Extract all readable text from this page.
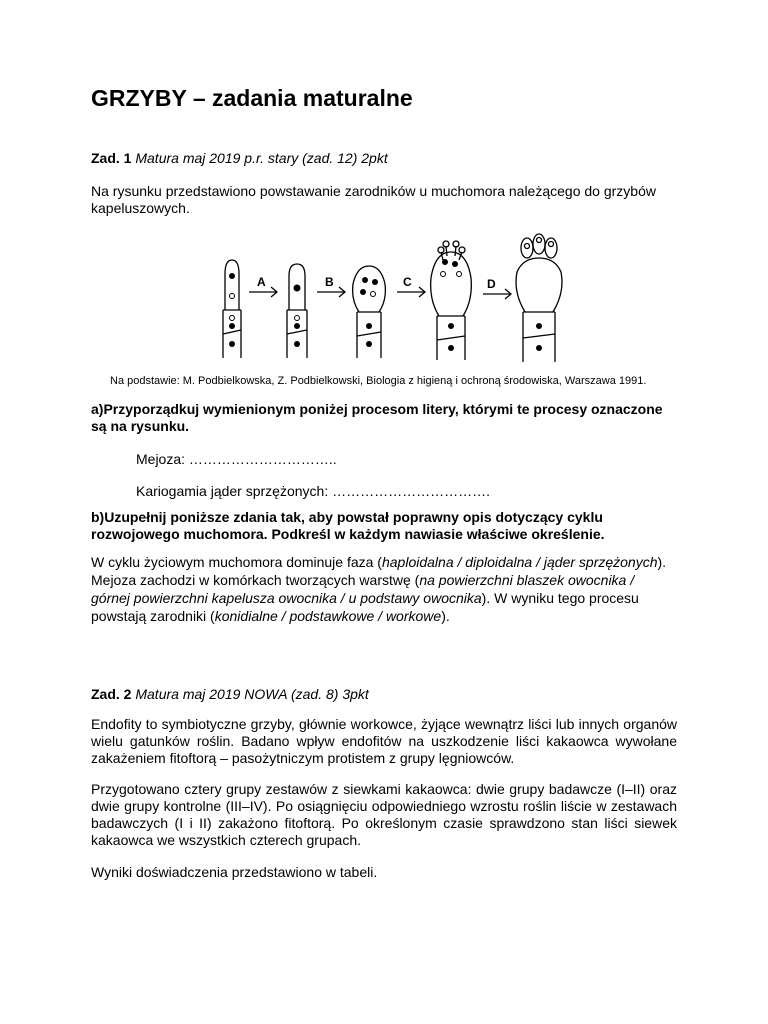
GRZYBY – zadania maturalne

Zad. 1 Matura maj 2019 p.r. stary (zad. 12) 2pkt

Na rysunku przedstawiono powstawanie zarodników u muchomora należącego do grzybów

kapeluszowych.

A	B	C	D

Na podstawie: M. Podbielkowska, Z. Podbielkowski, Biologia z higieną i ochroną środowiska, Warszawa 1991.

a)Przyporządkuj wymienionym poniżej procesom litery, którymi te procesy oznaczone

są na rysunku.

Mejoza: …………………………..

Kariogamia jąder sprzężonych: …………………………….

b)Uzupełnij poniższe zdania tak, aby powstał poprawny opis dotyczący cyklu

rozwojowego muchomora. Podkreśl w każdym nawiasie właściwe określenie.

W cyklu życiowym muchomora dominuje faza (haploidalna / diploidalna / jąder sprzężonych).

Mejoza zachodzi w komórkach tworzących warstwę (na powierzchni blaszek owocnika /

górnej powierzchni kapelusza owocnika / u podstawy owocnika). W wyniku tego procesu

powstają zarodniki (konidialne / podstawkowe / workowe).

Zad. 2 Matura maj 2019 NOWA (zad. 8) 3pkt

Endofity to symbiotyczne grzyby, głównie workowce, żyjące wewnątrz liści lub innych organów wielu gatunków roślin. Badano wpływ endofitów na uszkodzenie liści kakaowca wywołane zakażeniem fitoftorą – pasożytniczym protistem z grupy lęgniowców.

Przygotowano cztery grupy zestawów z siewkami kakaowca: dwie grupy badawcze (I–II) oraz dwie grupy kontrolne (III–IV). Po osiągnięciu odpowiedniego wzrostu roślin liście w zestawach badawczych (I i II) zakażono fitoftorą. Po określonym czasie sprawdzono stan liści siewek kakaowca we wszystkich czterech grupach.

Wyniki doświadczenia przedstawiono w tabeli.
